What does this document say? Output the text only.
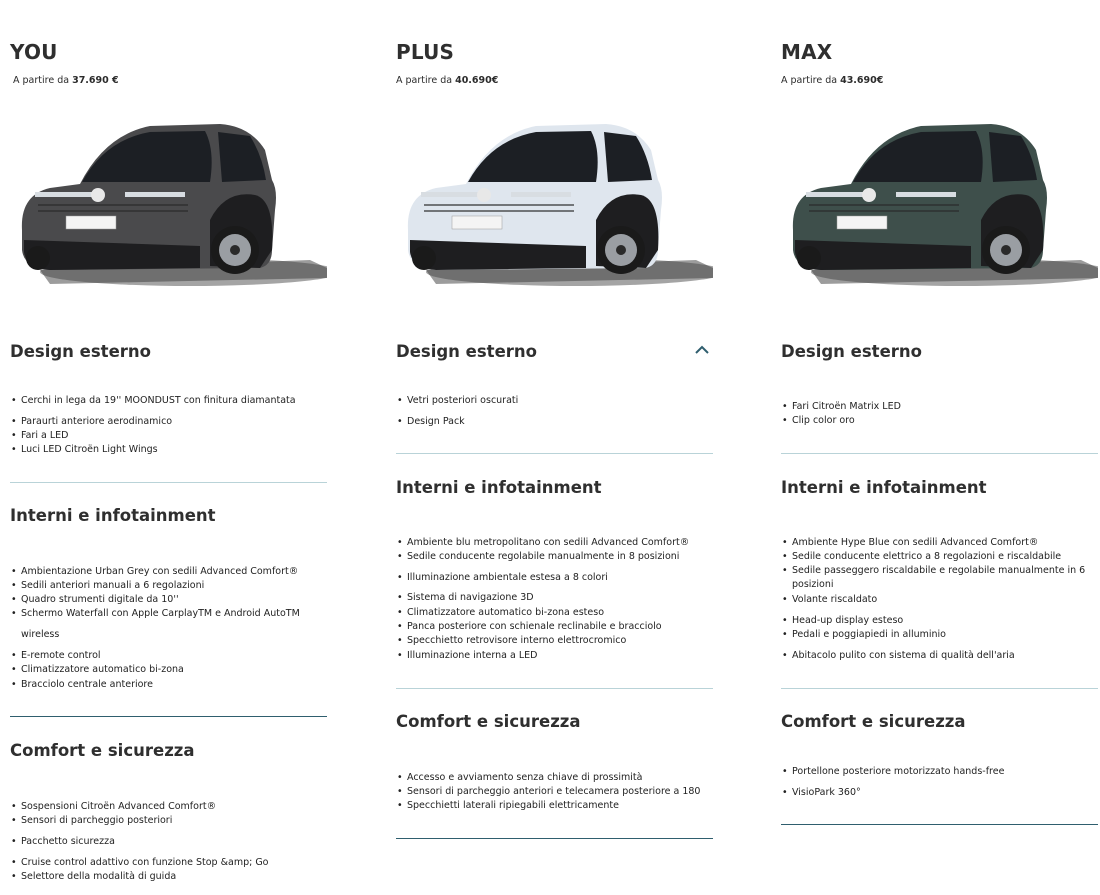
YOU
A partire da 37.690 €
Design esterno
• Cerchi in lega da 19'' MOONDUST con finitura diamantata
• Paraurti anteriore aerodinamico
• Fari a LED
• Luci LED Citroën Light Wings
Interni e infotainment
• Ambientazione Urban Grey con sedili Advanced Comfort®
• Sedili anteriori manuali a 6 regolazioni
• Quadro strumenti digitale da 10''
• Schermo Waterfall con Apple CarplayTM e Android AutoTM
wireless
• E-remote control
• Climatizzatore automatico bi-zona
• Bracciolo centrale anteriore
Comfort e sicurezza
• Sospensioni Citroën Advanced Comfort®
• Sensori di parcheggio posteriori
• Pacchetto sicurezza
• Cruise control adattivo con funzione Stop &amp; Go
• Selettore della modalità di guida
PLUS
A partire da 40.690€
Design esterno
• Vetri posteriori oscurati
• Design Pack
Interni e infotainment
• Ambiente blu metropolitano con sedili Advanced Comfort®
• Sedile conducente regolabile manualmente in 8 posizioni
• Illuminazione ambientale estesa a 8 colori
• Sistema di navigazione 3D
• Climatizzatore automatico bi-zona esteso
• Panca posteriore con schienale reclinabile e bracciolo
• Specchietto retrovisore interno elettrocromico
• Illuminazione interna a LED
Comfort e sicurezza
• Accesso e avviamento senza chiave di prossimità
• Sensori di parcheggio anteriori e telecamera posteriore a 180
• Specchietti laterali ripiegabili elettricamente
MAX
A partire da 43.690€
Design esterno
• Fari Citroën Matrix LED
• Clip color oro
Interni e infotainment
• Ambiente Hype Blue con sedili Advanced Comfort®
• Sedile conducente elettrico a 8 regolazioni e riscaldabile
• Sedile passeggero riscaldabile e regolabile manualmente in 6
posizioni
• Volante riscaldato
• Head-up display esteso
• Pedali e poggiapiedi in alluminio
• Abitacolo pulito con sistema di qualità dell'aria
Comfort e sicurezza
• Portellone posteriore motorizzato hands-free
• VisioPark 360°
